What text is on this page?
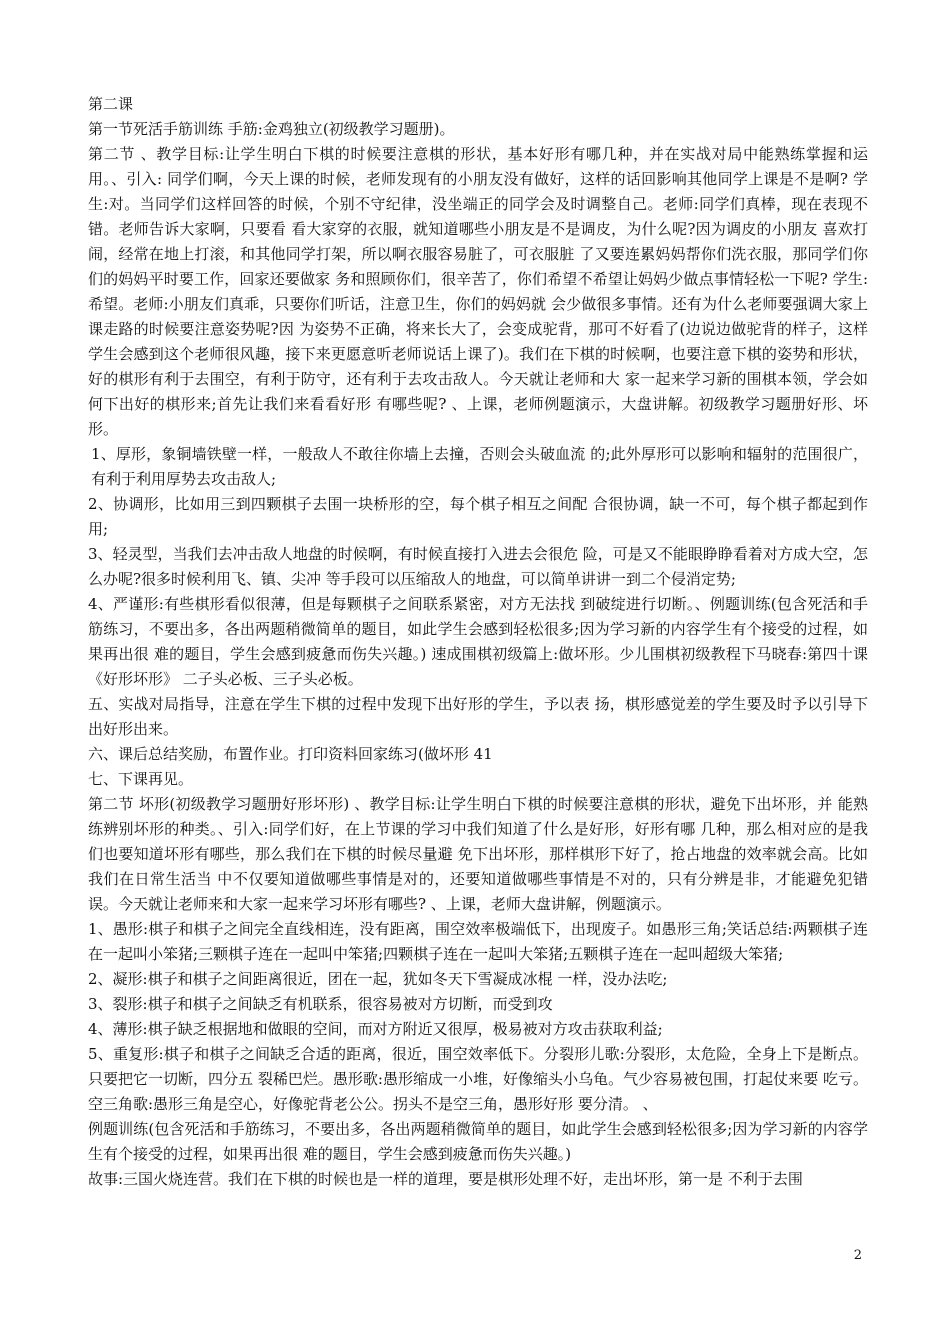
第二课

第一节死活手筋训练 手筋:金鸡独立(初级教学习题册)。

第二节 、教学目标:让学生明白下棋的时候要注意棋的形状，基本好形有哪几种，并在实战对局中能熟练掌握和运用。、引入: 同学们啊，今天上课的时候，老师发现有的小朋友没有做好，这样的话回影响其他同学上课是不是啊? 学生:对。当同学们这样回答的时候，个别不守纪律，没坐端正的同学会及时调整自己。老师:同学们真棒，现在表现不错。老师告诉大家啊，只要看 看大家穿的衣服，就知道哪些小朋友是不是调皮，为什么呢?因为调皮的小朋友 喜欢打闹，经常在地上打滚，和其他同学打架，所以啊衣服容易脏了，可衣服脏 了又要连累妈妈帮你们洗衣服，那同学们你们的妈妈平时要工作，回家还要做家 务和照顾你们，很辛苦了，你们希望不希望让妈妈少做点事情轻松一下呢? 学生:希望。老师:小朋友们真乖，只要你们听话，注意卫生，你们的妈妈就 会少做很多事情。还有为什么老师要强调大家上课走路的时候要注意姿势呢?因 为姿势不正确，将来长大了，会变成驼背，那可不好看了(边说边做驼背的样子，这样学生会感到这个老师很风趣，接下来更愿意听老师说话上课了)。我们在下棋的时候啊，也要注意下棋的姿势和形状，好的棋形有利于去围空，有利于防守，还有利于去攻击敌人。今天就让老师和大 家一起来学习新的围棋本领，学会如何下出好的棋形来;首先让我们来看看好形 有哪些呢? 、上课，老师例题演示，大盘讲解。初级教学习题册好形、坏形。

1、厚形，象铜墙铁壁一样，一般敌人不敢往你墙上去撞，否则会头破血流 的;此外厚形可以影响和辐射的范围很广，有利于利用厚势去攻击敌人;

2、协调形，比如用三到四颗棋子去围一块桥形的空，每个棋子相互之间配 合很协调，缺一不可，每个棋子都起到作用;

3、轻灵型，当我们去冲击敌人地盘的时候啊，有时候直接打入进去会很危 险，可是又不能眼睁睁看着对方成大空，怎么办呢?很多时候利用飞、镇、尖冲 等手段可以压缩敌人的地盘，可以简单讲讲一到二个侵消定势;

4、严谨形:有些棋形看似很薄，但是每颗棋子之间联系紧密，对方无法找 到破绽进行切断。、例题训练(包含死活和手筋练习，不要出多，各出两题稍微简单的题目，如此学生会感到轻松很多;因为学习新的内容学生有个接受的过程，如果再出很 难的题目，学生会感到疲惫而伤失兴趣。) 速成围棋初级篇上:做坏形。少儿围棋初级教程下马晓春:第四十课《好形坏形》 二子头必板、三子头必板。

五、实战对局指导，注意在学生下棋的过程中发现下出好形的学生，予以表 扬，棋形感觉差的学生要及时予以引导下出好形出来。

六、课后总结奖励，布置作业。打印资料回家练习(做坏形 41

七、下课再见。

第二节 坏形(初级教学习题册好形坏形) 、教学目标:让学生明白下棋的时候要注意棋的形状，避免下出坏形，并 能熟练辨别坏形的种类。、引入:同学们好，在上节课的学习中我们知道了什么是好形，好形有哪 几种，那么相对应的是我们也要知道坏形有哪些，那么我们在下棋的时候尽量避 免下出坏形，那样棋形下好了，抢占地盘的效率就会高。比如我们在日常生活当 中不仅要知道做哪些事情是对的，还要知道做哪些事情是不对的，只有分辨是非，才能避免犯错误。今天就让老师来和大家一起来学习坏形有哪些? 、上课，老师大盘讲解，例题演示。

1、愚形:棋子和棋子之间完全直线相连，没有距离，围空效率极端低下，出现废子。如愚形三角;笑话总结:两颗棋子连在一起叫小笨猪;三颗棋子连在一起叫中笨猪;四颗棋子连在一起叫大笨猪;五颗棋子连在一起叫超级大笨猪;

2、凝形:棋子和棋子之间距离很近，团在一起，犹如冬天下雪凝成冰棍 一样，没办法吃;

3、裂形:棋子和棋子之间缺乏有机联系，很容易被对方切断，而受到攻

4、薄形:棋子缺乏根据地和做眼的空间，而对方附近又很厚，极易被对方攻击获取利益;

5、重复形:棋子和棋子之间缺乏合适的距离，很近，围空效率低下。分裂形儿歌:分裂形，太危险，全身上下是断点。只要把它一切断，四分五 裂稀巴烂。愚形歌:愚形缩成一小堆，好像缩头小乌龟。气少容易被包围，打起仗来要 吃亏。 空三角歌:愚形三角是空心，好像驼背老公公。拐头不是空三角，愚形好形 要分清。 、

例题训练(包含死活和手筋练习，不要出多，各出两题稍微简单的题目，如此学生会感到轻松很多;因为学习新的内容学生有个接受的过程，如果再出很 难的题目，学生会感到疲惫而伤失兴趣。)

故事:三国火烧连营。我们在下棋的时候也是一样的道理，要是棋形处理不好，走出坏形，第一是 不利于去围

2
